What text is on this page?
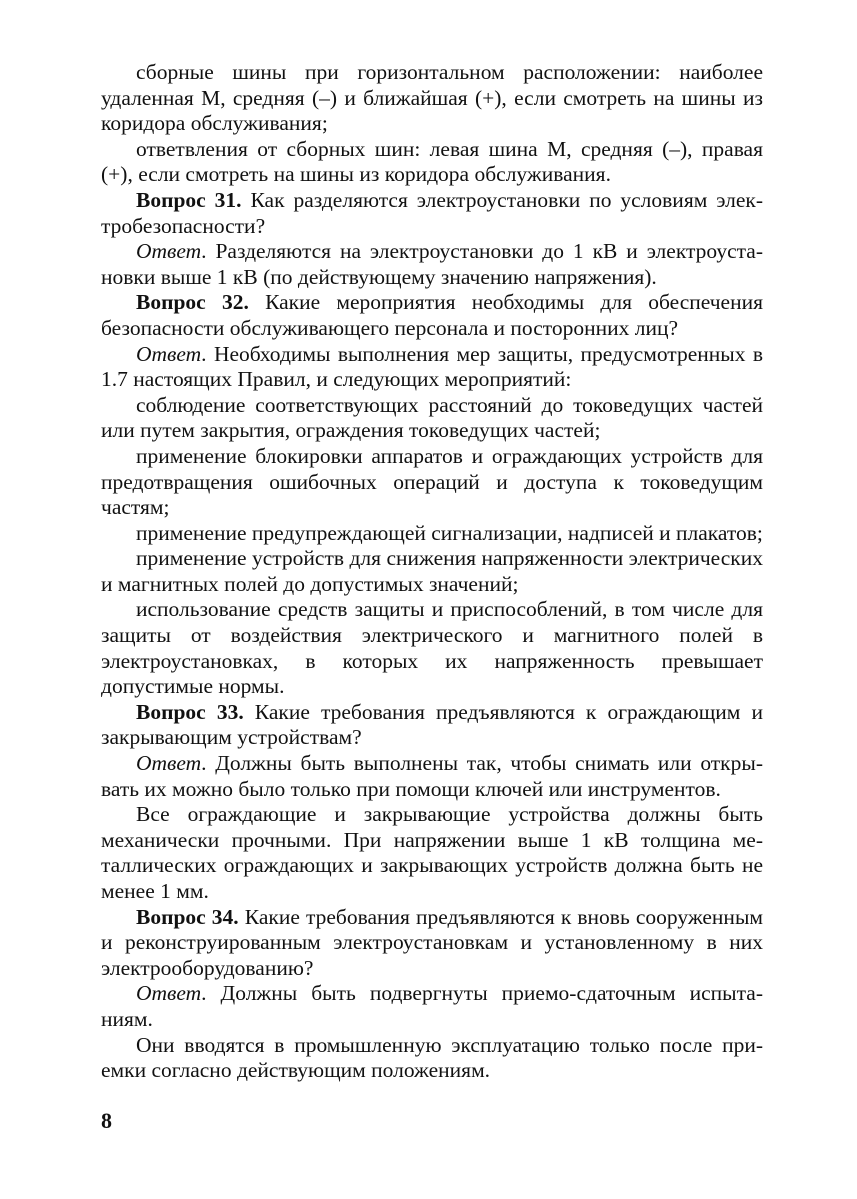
сборные шины при горизонтальном расположении: наиболее удаленная М, средняя (–) и ближайшая (+), если смотреть на шины из коридора обслуживания;

ответвления от сборных шин: левая шина М, средняя (–), правая (+), если смотреть на шины из коридора обслуживания.

Вопрос 31. Как разделяются электроустановки по условиям электробезопасности?

Ответ. Разделяются на электроустановки до 1 кВ и электроустановки выше 1 кВ (по действующему значению напряжения).

Вопрос 32. Какие мероприятия необходимы для обеспечения безопасности обслуживающего персонала и посторонних лиц?

Ответ. Необходимы выполнения мер защиты, предусмотренных в 1.7 настоящих Правил, и следующих мероприятий:

соблюдение соответствующих расстояний до токоведущих частей или путем закрытия, ограждения токоведущих частей;

применение блокировки аппаратов и ограждающих устройств для предотвращения ошибочных операций и доступа к токоведущим частям;

применение предупреждающей сигнализации, надписей и плакатов;

применение устройств для снижения напряженности электрических и магнитных полей до допустимых значений;

использование средств защиты и приспособлений, в том числе для защиты от воздействия электрического и магнитного полей в электроустановках, в которых их напряженность превышает допустимые нормы.

Вопрос 33. Какие требования предъявляются к ограждающим и закрывающим устройствам?

Ответ. Должны быть выполнены так, чтобы снимать или открывать их можно было только при помощи ключей или инструментов.

Все ограждающие и закрывающие устройства должны быть механически прочными. При напряжении выше 1 кВ толщина металлических ограждающих и закрывающих устройств должна быть не менее 1 мм.

Вопрос 34. Какие требования предъявляются к вновь сооруженным и реконструированным электроустановкам и установленному в них электрооборудованию?

Ответ. Должны быть подвергнуты приемо-сдаточным испытаниям.

Они вводятся в промышленную эксплуатацию только после приемки согласно действующим положениям.

8
